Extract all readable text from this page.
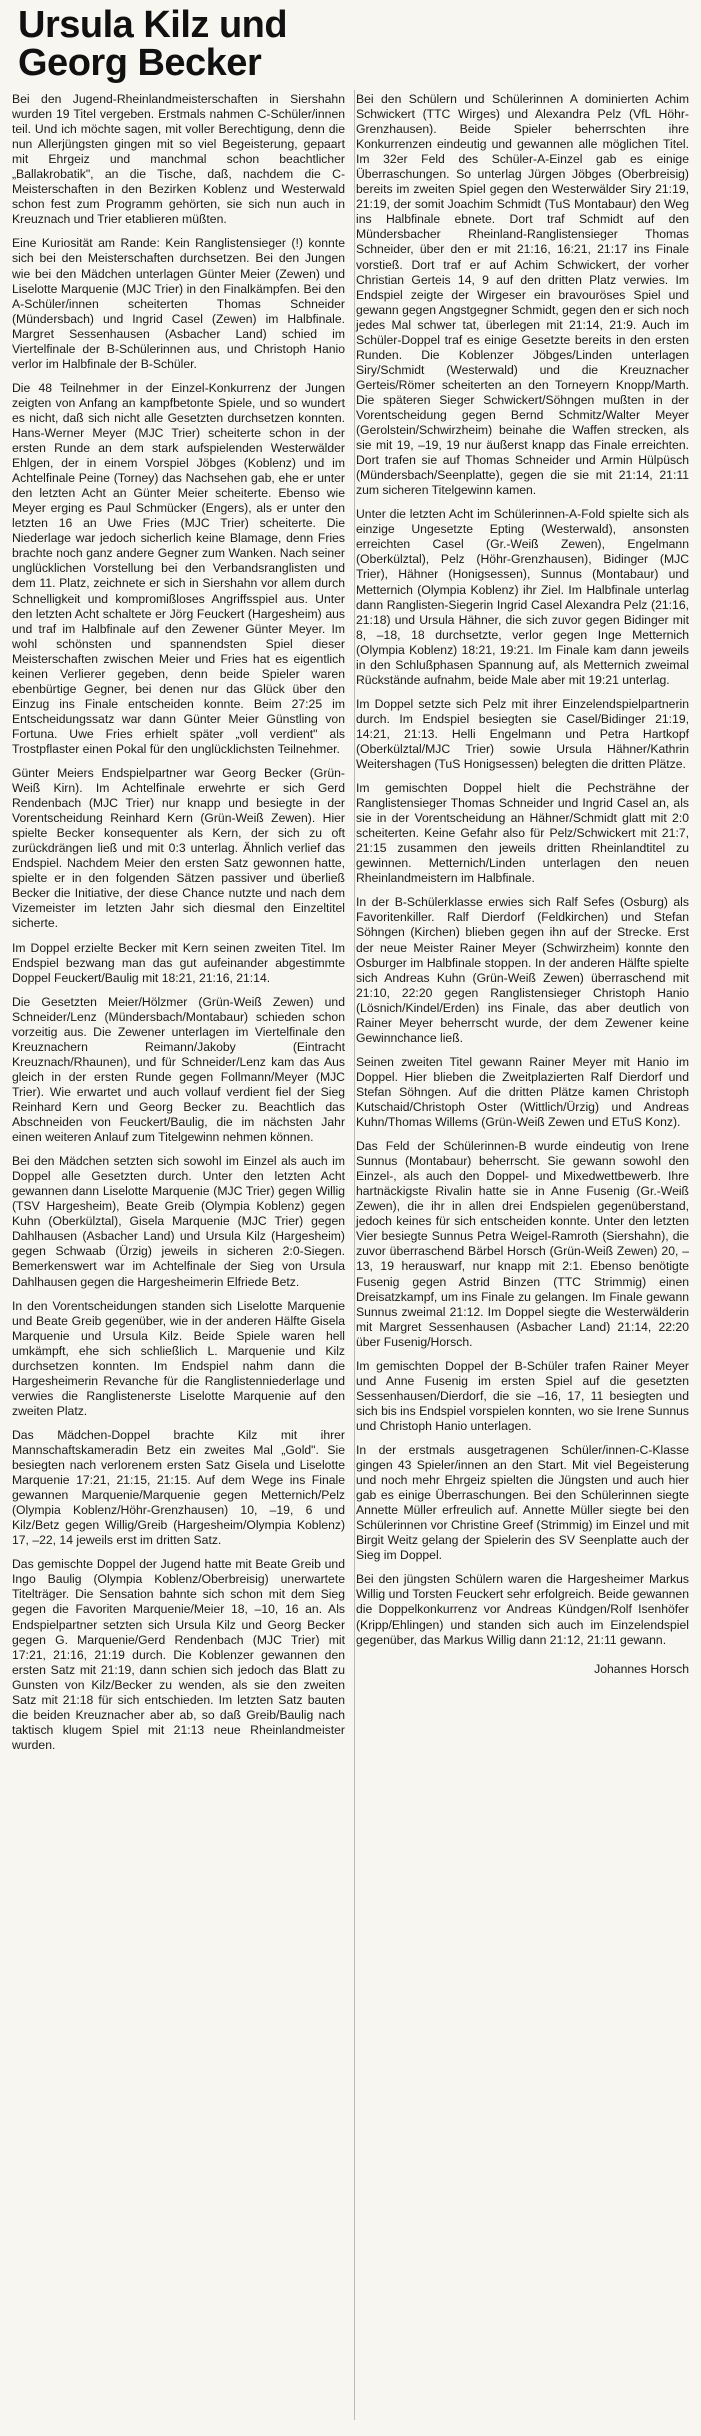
Ursula Kilz und
Georg Becker

Bei den Jugend-Rheinlandmeisterschaften in Siershahn wurden 19 Titel vergeben. Erstmals nahmen C-Schüler/innen teil. Und ich möchte sagen, mit voller Berechtigung, denn die nun Allerjüngsten gingen mit so viel Begeisterung, gepaart mit Ehrgeiz und manchmal schon beachtlicher „Ballakrobatik", an die Tische, daß, nachdem die C-Meisterschaften in den Bezirken Koblenz und Westerwald schon fest zum Programm gehörten, sie sich nun auch in Kreuznach und Trier etablieren müßten.

Eine Kuriosität am Rande: Kein Ranglistensieger (!) konnte sich bei den Meisterschaften durchsetzen. Bei den Jungen wie bei den Mädchen unterlagen Günter Meier (Zewen) und Liselotte Marquenie (MJC Trier) in den Finalkämpfen. Bei den A-Schüler/innen scheiterten Thomas Schneider (Mündersbach) und Ingrid Casel (Zewen) im Halbfinale. Margret Sessenhausen (Asbacher Land) schied im Viertelfinale der B-Schülerinnen aus, und Christoph Hanio verlor im Halbfinale der B-Schüler.

Die 48 Teilnehmer in der Einzel-Konkurrenz der Jungen zeigten von Anfang an kampfbetonte Spiele, und so wundert es nicht, daß sich nicht alle Gesetzten durchsetzen konnten. Hans-Werner Meyer (MJC Trier) scheiterte schon in der ersten Runde an dem stark aufspielenden Westerwälder Ehlgen, der in einem Vorspiel Jöbges (Koblenz) und im Achtelfinale Peine (Torney) das Nachsehen gab, ehe er unter den letzten Acht an Günter Meier scheiterte. Ebenso wie Meyer erging es Paul Schmücker (Engers), als er unter den letzten 16 an Uwe Fries (MJC Trier) scheiterte. Die Niederlage war jedoch sicherlich keine Blamage, denn Fries brachte noch ganz andere Gegner zum Wanken. Nach seiner unglücklichen Vorstellung bei den Verbandsranglisten und dem 11. Platz, zeichnete er sich in Siershahn vor allem durch Schnelligkeit und kompromißloses Angriffsspiel aus. Unter den letzten Acht schaltete er Jörg Feuckert (Hargesheim) aus und traf im Halbfinale auf den Zewener Günter Meyer. Im wohl schönsten und spannendsten Spiel dieser Meisterschaften zwischen Meier und Fries hat es eigentlich keinen Verlierer gegeben, denn beide Spieler waren ebenbürtige Gegner, bei denen nur das Glück über den Einzug ins Finale entscheiden konnte. Beim 27:25 im Entscheidungssatz war dann Günter Meier Günstling von Fortuna. Uwe Fries erhielt später „voll verdient" als Trostpflaster einen Pokal für den unglücklichsten Teilnehmer.

Günter Meiers Endspielpartner war Georg Becker (Grün-Weiß Kirn). Im Achtelfinale erwehrte er sich Gerd Rendenbach (MJC Trier) nur knapp und besiegte in der Vorentscheidung Reinhard Kern (Grün-Weiß Zewen). Hier spielte Becker konsequenter als Kern, der sich zu oft zurückdrängen ließ und mit 0:3 unterlag. Ähnlich verlief das Endspiel. Nachdem Meier den ersten Satz gewonnen hatte, spielte er in den folgenden Sätzen passiver und überließ Becker die Initiative, der diese Chance nutzte und nach dem Vizemeister im letzten Jahr sich diesmal den Einzeltitel sicherte.

Im Doppel erzielte Becker mit Kern seinen zweiten Titel. Im Endspiel bezwang man das gut aufeinander abgestimmte Doppel Feuckert/Baulig mit 18:21, 21:16, 21:14.

Die Gesetzten Meier/Hölzmer (Grün-Weiß Zewen) und Schneider/Lenz (Mündersbach/Montabaur) schieden schon vorzeitig aus. Die Zewener unterlagen im Viertelfinale den Kreuznachern Reimann/Jakoby (Eintracht Kreuznach/Rhaunen), und für Schneider/Lenz kam das Aus gleich in der ersten Runde gegen Follmann/Meyer (MJC Trier). Wie erwartet und auch vollauf verdient fiel der Sieg Reinhard Kern und Georg Becker zu. Beachtlich das Abschneiden von Feuckert/Baulig, die im nächsten Jahr einen weiteren Anlauf zum Titelgewinn nehmen können.

Bei den Mädchen setzten sich sowohl im Einzel als auch im Doppel alle Gesetzten durch. Unter den letzten Acht gewannen dann Liselotte Marquenie (MJC Trier) gegen Willig (TSV Hargesheim), Beate Greib (Olympia Koblenz) gegen Kuhn (Oberkülztal), Gisela Marquenie (MJC Trier) gegen Dahlhausen (Asbacher Land) und Ursula Kilz (Hargesheim) gegen Schwaab (Ürzig) jeweils in sicheren 2:0-Siegen. Bemerkenswert war im Achtelfinale der Sieg von Ursula Dahlhausen gegen die Hargesheimerin Elfriede Betz.

In den Vorentscheidungen standen sich Liselotte Marquenie und Beate Greib gegenüber, wie in der anderen Hälfte Gisela Marquenie und Ursula Kilz. Beide Spiele waren hell umkämpft, ehe sich schließlich L. Marquenie und Kilz durchsetzen konnten. Im Endspiel nahm dann die Hargesheimerin Revanche für die Ranglistenniederlage und verwies die Ranglistenerste Liselotte Marquenie auf den zweiten Platz.

Das Mädchen-Doppel brachte Kilz mit ihrer Mannschaftskameradin Betz ein zweites Mal „Gold". Sie besiegten nach verlorenem ersten Satz Gisela und Liselotte Marquenie 17:21, 21:15, 21:15. Auf dem Wege ins Finale gewannen Marquenie/Marquenie gegen Metternich/Pelz (Olympia Koblenz/Höhr-Grenzhausen) 10, –19, 6 und Kilz/Betz gegen Willig/Greib (Hargesheim/Olympia Koblenz) 17, –22, 14 jeweils erst im dritten Satz.

Das gemischte Doppel der Jugend hatte mit Beate Greib und Ingo Baulig (Olympia Koblenz/Oberbreisig) unerwartete Titelträger. Die Sensation bahnte sich schon mit dem Sieg gegen die Favoriten Marquenie/Meier 18, –10, 16 an. Als Endspielpartner setzten sich Ursula Kilz und Georg Becker gegen G. Marquenie/Gerd Rendenbach (MJC Trier) mit 17:21, 21:16, 21:19 durch. Die Koblenzer gewannen den ersten Satz mit 21:19, dann schien sich jedoch das Blatt zu Gunsten von Kilz/Becker zu wenden, als sie den zweiten Satz mit 21:18 für sich entschieden. Im letzten Satz bauten die beiden Kreuznacher aber ab, so daß Greib/Baulig nach taktisch klugem Spiel mit 21:13 neue Rheinlandmeister wurden.

Bei den Schülern und Schülerinnen A dominierten Achim Schwickert (TTC Wirges) und Alexandra Pelz (VfL Höhr-Grenzhausen). Beide Spieler beherrschten ihre Konkurrenzen eindeutig und gewannen alle möglichen Titel. Im 32er Feld des Schüler-A-Einzel gab es einige Überraschungen. So unterlag Jürgen Jöbges (Oberbreisig) bereits im zweiten Spiel gegen den Westerwälder Siry 21:19, 21:19, der somit Joachim Schmidt (TuS Montabaur) den Weg ins Halbfinale ebnete. Dort traf Schmidt auf den Mündersbacher Rheinland-Ranglistensieger Thomas Schneider, über den er mit 21:16, 16:21, 21:17 ins Finale vorstieß. Dort traf er auf Achim Schwickert, der vorher Christian Gerteis 14, 9 auf den dritten Platz verwies. Im Endspiel zeigte der Wirgeser ein bravouröses Spiel und gewann gegen Angstgegner Schmidt, gegen den er sich noch jedes Mal schwer tat, überlegen mit 21:14, 21:9. Auch im Schüler-Doppel traf es einige Gesetzte bereits in den ersten Runden. Die Koblenzer Jöbges/Linden unterlagen Siry/Schmidt (Westerwald) und die Kreuznacher Gerteis/Römer scheiterten an den Torneyern Knopp/Marth. Die späteren Sieger Schwickert/Söhngen mußten in der Vorentscheidung gegen Bernd Schmitz/Walter Meyer (Gerolstein/Schwirzheim) beinahe die Waffen strecken, als sie mit 19, –19, 19 nur äußerst knapp das Finale erreichten. Dort trafen sie auf Thomas Schneider und Armin Hülpüsch (Mündersbach/Seenplatte), gegen die sie mit 21:14, 21:11 zum sicheren Titelgewinn kamen.

Unter die letzten Acht im Schülerinnen-A-Fold spielte sich als einzige Ungesetzte Epting (Westerwald), ansonsten erreichten Casel (Gr.-Weiß Zewen), Engelmann (Oberkülztal), Pelz (Höhr-Grenzhausen), Bidinger (MJC Trier), Hähner (Honigsessen), Sunnus (Montabaur) und Metternich (Olympia Koblenz) ihr Ziel. Im Halbfinale unterlag dann Ranglisten-Siegerin Ingrid Casel Alexandra Pelz (21:16, 21:18) und Ursula Hähner, die sich zuvor gegen Bidinger mit 8, –18, 18 durchsetzte, verlor gegen Inge Metternich (Olympia Koblenz) 18:21, 19:21. Im Finale kam dann jeweils in den Schlußphasen Spannung auf, als Metternich zweimal Rückstände aufnahm, beide Male aber mit 19:21 unterlag.

Im Doppel setzte sich Pelz mit ihrer Einzelendspielpartnerin durch. Im Endspiel besiegten sie Casel/Bidinger 21:19, 14:21, 21:13. Helli Engelmann und Petra Hartkopf (Oberkülztal/MJC Trier) sowie Ursula Hähner/Kathrin Weitershagen (TuS Honigsessen) belegten die dritten Plätze.

Im gemischten Doppel hielt die Pechsträhne der Ranglistensieger Thomas Schneider und Ingrid Casel an, als sie in der Vorentscheidung an Hähner/Schmidt glatt mit 2:0 scheiterten. Keine Gefahr also für Pelz/Schwickert mit 21:7, 21:15 zusammen den jeweils dritten Rheinlandtitel zu gewinnen. Metternich/Linden unterlagen den neuen Rheinlandmeistern im Halbfinale.

In der B-Schülerklasse erwies sich Ralf Sefes (Osburg) als Favoritenkiller. Ralf Dierdorf (Feldkirchen) und Stefan Söhngen (Kirchen) blieben gegen ihn auf der Strecke. Erst der neue Meister Rainer Meyer (Schwirzheim) konnte den Osburger im Halbfinale stoppen. In der anderen Hälfte spielte sich Andreas Kuhn (Grün-Weiß Zewen) überraschend mit 21:10, 22:20 gegen Ranglistensieger Christoph Hanio (Lösnich/Kindel/Erden) ins Finale, das aber deutlich von Rainer Meyer beherrscht wurde, der dem Zewener keine Gewinnchance ließ.

Seinen zweiten Titel gewann Rainer Meyer mit Hanio im Doppel. Hier blieben die Zweitplazierten Ralf Dierdorf und Stefan Söhngen. Auf die dritten Plätze kamen Christoph Kutschaid/Christoph Oster (Wittlich/Ürzig) und Andreas Kuhn/Thomas Willems (Grün-Weiß Zewen und ETuS Konz).

Das Feld der Schülerinnen-B wurde eindeutig von Irene Sunnus (Montabaur) beherrscht. Sie gewann sowohl den Einzel-, als auch den Doppel- und Mixedwettbewerb. Ihre hartnäckigste Rivalin hatte sie in Anne Fusenig (Gr.-Weiß Zewen), die ihr in allen drei Endspielen gegenüberstand, jedoch keines für sich entscheiden konnte. Unter den letzten Vier besiegte Sunnus Petra Weigel-Ramroth (Siershahn), die zuvor überraschend Bärbel Horsch (Grün-Weiß Zewen) 20, –13, 19 herauswarf, nur knapp mit 2:1. Ebenso benötigte Fusenig gegen Astrid Binzen (TTC Strimmig) einen Dreisatzkampf, um ins Finale zu gelangen. Im Finale gewann Sunnus zweimal 21:12. Im Doppel siegte die Westerwälderin mit Margret Sessenhausen (Asbacher Land) 21:14, 22:20 über Fusenig/Horsch.

Im gemischten Doppel der B-Schüler trafen Rainer Meyer und Anne Fusenig im ersten Spiel auf die gesetzten Sessenhausen/Dierdorf, die sie –16, 17, 11 besiegten und sich bis ins Endspiel vorspielen konnten, wo sie Irene Sunnus und Christoph Hanio unterlagen.

In der erstmals ausgetragenen Schüler/innen-C-Klasse gingen 43 Spieler/innen an den Start. Mit viel Begeisterung und noch mehr Ehrgeiz spielten die Jüngsten und auch hier gab es einige Überraschungen. Bei den Schülerinnen siegte Annette Müller erfreulich auf. Annette Müller siegte bei den Schülerinnen vor Christine Greef (Strimmig) im Einzel und mit Birgit Weitz gelang der Spielerin des SV Seenplatte auch der Sieg im Doppel.

Bei den jüngsten Schülern waren die Hargesheimer Markus Willig und Torsten Feuckert sehr erfolgreich. Beide gewannen die Doppelkonkurrenz vor Andreas Kündgen/Rolf Isenhöfer (Kripp/Ehlingen) und standen sich auch im Einzelendspiel gegenüber, das Markus Willig dann 21:12, 21:11 gewann.

Johannes Horsch
